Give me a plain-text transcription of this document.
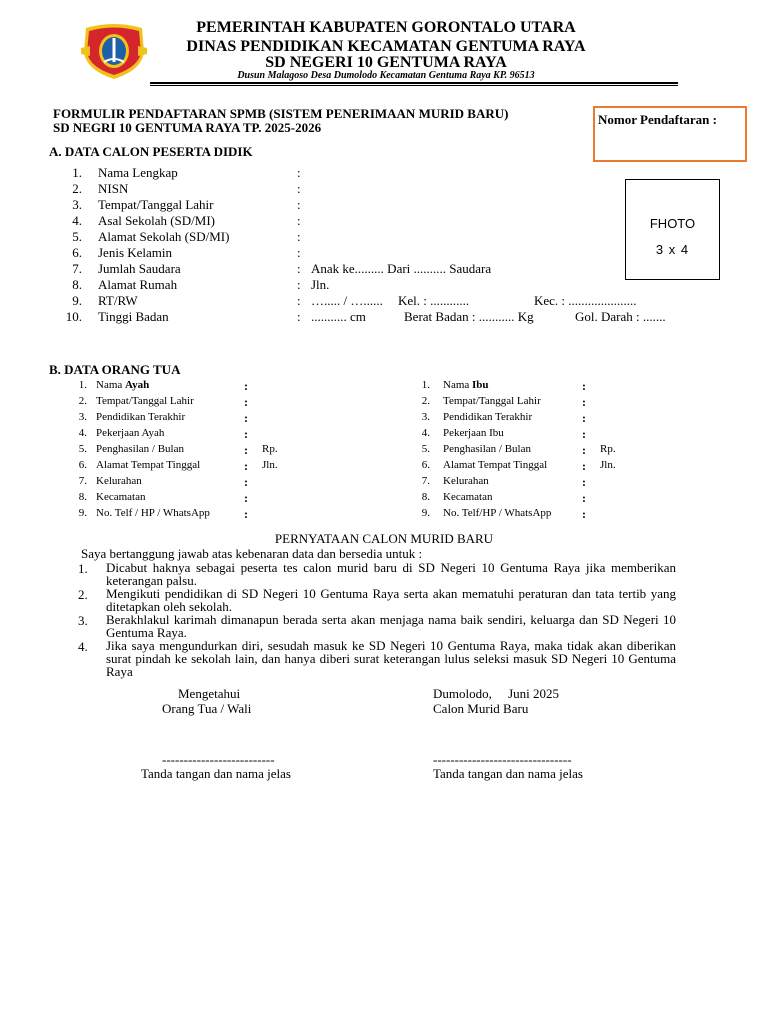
PEMERINTAH KABUPATEN GORONTALO UTARA
DINAS PENDIDIKAN KECAMATAN GENTUMA RAYA
SD NEGERI 10 GENTUMA RAYA
Dusun Malagoso Desa Dumolodo Kecamatan Gentuma Raya KP. 96513
FORMULIR PENDAFTARAN SPMB (SISTEM PENERIMAAN MURID BARU)
SD NEGRI 10 GENTUMA RAYA TP. 2025-2026
Nomor Pendaftaran :
A. DATA CALON PESERTA DIDIK
1. Nama Lengkap	:
2. NISN	:
3. Tempat/Tanggal Lahir	:
4. Asal Sekolah (SD/MI)	:
5. Alamat Sekolah (SD/MI)	:
6. Jenis Kelamin	:
7. Jumlah Saudara	: Anak ke......... Dari .......... Saudara
8. Alamat Rumah	: Jln.
9. RT/RW	: …..... / …...... Kel. : ............	Kec. : .....................
10. Tinggi Badan	: ........... cm	Berat Badan : ........... Kg	Gol. Darah : .......
FHOTO
3 x 4
B. DATA ORANG TUA
1. Nama Ayah	:
2. Tempat/Tanggal Lahir	:
3. Pendidikan Terakhir	:
4. Pekerjaan Ayah	:
5. Penghasilan / Bulan	: Rp.
6. Alamat Tempat Tinggal	: Jln.
7. Kelurahan	:
8. Kecamatan	:
9. No. Telf / HP / WhatsApp	:
1. Nama Ibu	:
2. Tempat/Tanggal Lahir	:
3. Pendidikan Terakhir	:
4. Pekerjaan Ibu	:
5. Penghasilan / Bulan	: Rp.
6. Alamat Tempat Tinggal	: Jln.
7. Kelurahan	:
8. Kecamatan	:
9. No. Telf/HP / WhatsApp	:
PERNYATAAN CALON MURID BARU
Saya bertanggung jawab atas kebenaran data dan bersedia untuk :
1. Dicabut haknya sebagai peserta tes calon murid baru di SD Negeri 10 Gentuma Raya jika memberikan keterangan palsu.
2. Mengikuti pendidikan di SD Negeri 10 Gentuma Raya serta akan mematuhi peraturan dan tata tertib yang ditetapkan oleh sekolah.
3. Berakhlakul karimah dimanapun berada serta akan menjaga nama baik sendiri, keluarga dan SD Negeri 10 Gentuma Raya.
4. Jika saya mengundurkan diri, sesudah masuk ke SD Negeri 10 Gentuma Raya, maka tidak akan diberikan surat pindah ke sekolah lain, dan hanya diberi surat keterangan lulus seleksi masuk SD Negeri 10 Gentuma Raya
Mengetahui
Orang Tua / Wali
--------------------------
Tanda tangan dan nama jelas
Dumolodo,     Juni 2025
Calon Murid Baru
--------------------------------
Tanda tangan dan nama jelas
